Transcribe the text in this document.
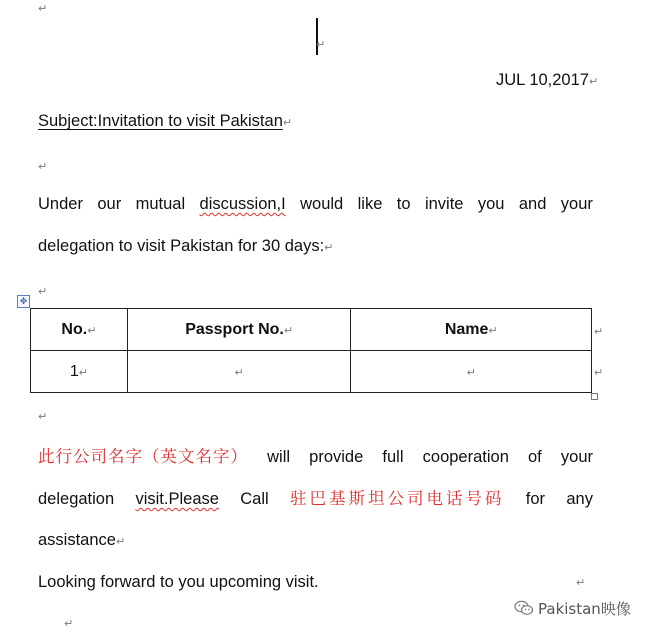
↵
↵
JUL 10,2017↵
Subject:Invitation to visit Pakistan↵
↵
Under our mutual discussion,I would like to invite you and your
delegation to visit Pakistan for 30 days:↵
↵
✥
No.↵	Passport No.↵	Name↵
1↵	↵	↵
↵
↵
↵
此行公司名字（英文名字） will provide full cooperation of your
delegation visit.Please Call 驻巴基斯坦公司电话号码 for any
assistance↵
Looking forward to you upcoming visit.	↵
↵
Pakistan映像
